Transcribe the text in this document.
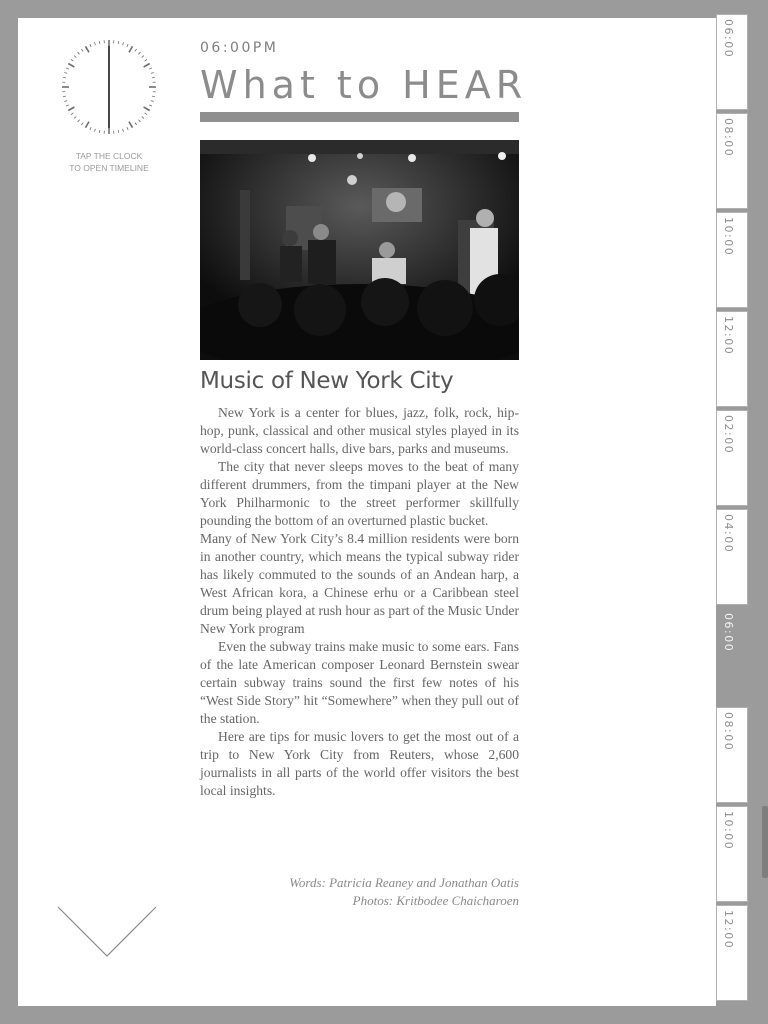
TAP THE CLOCK
TO OPEN TIMELINE
06:00PM
What to HEAR
Music of New York City

New York is a center for blues, jazz, folk, rock, hip-hop, punk, classical and other musical styles played in its world-class concert halls, dive bars, parks and museums.

The city that never sleeps moves to the beat of many different drummers, from the timpani player at the New York Philharmonic to the street performer skillfully pounding the bottom of an overturned plastic bucket.

Many of New York City’s 8.4 million residents were born in another country, which means the typical subway rider has likely commuted to the sounds of an Andean harp, a West African kora, a Chinese erhu or a Caribbean steel drum being played at rush hour as part of the Music Under New York program

Even the subway trains make music to some ears. Fans of the late American composer Leonard Bernstein swear certain subway trains sound the first few notes of his “West Side Story” hit “Somewhere” when they pull out of the station.

Here are tips for music lovers to get the most out of a trip to New York City from Reuters, whose 2,600 journalists in all parts of the world offer visitors the best local insights.

Words: Patricia Reaney and Jonathan Oatis
Photos: Kritbodee Chaicharoen
06:00
08:00
10:00
12:00
02:00
04:00
06:00
08:00
10:00
12:00
